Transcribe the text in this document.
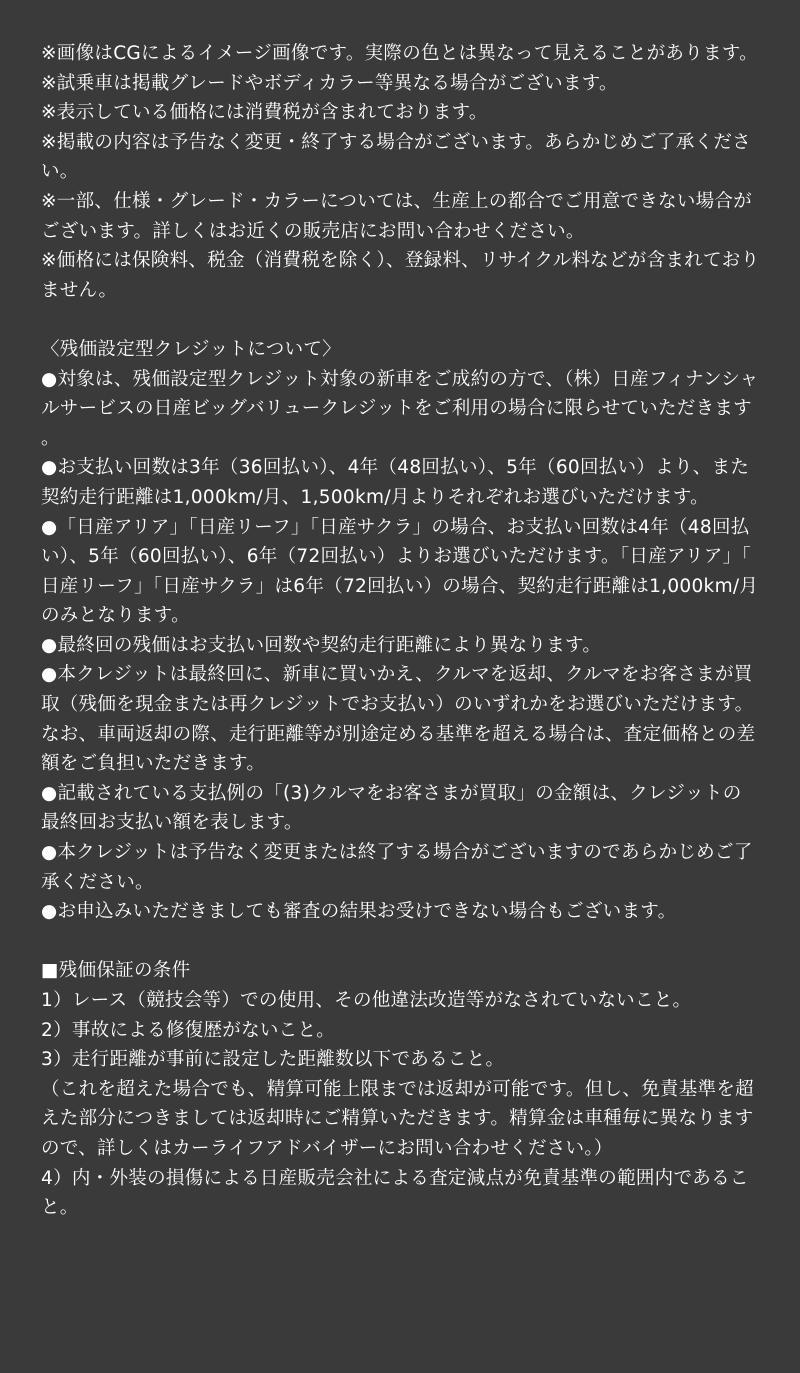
※画像はCGによるイメージ画像です。実際の色とは異なって見えることがあります。

※試乗車は掲載グレードやボディカラー等異なる場合がございます。

※表示している価格には消費税が含まれております。

※掲載の内容は予告なく変更・終了する場合がございます。あらかじめご了承ください。

※一部、仕様・グレード・カラーについては、生産上の都合でご用意できない場合がございます。詳しくはお近くの販売店にお問い合わせください。

※価格には保険料、税金（消費税を除く）、登録料、リサイクル料などが含まれておりません。

〈残価設定型クレジットについて〉

●対象は、残価設定型クレジット対象の新車をご成約の方で、（株）日産フィナンシャルサービスの日産ビッグバリュークレジットをご利用の場合に限らせていただきます。

●お支払い回数は3年（36回払い）、4年（48回払い）、5年（60回払い）より、また契約走行距離は1,000km/月、1,500km/月よりそれぞれお選びいただけます。

●「日産アリア」「日産リーフ」「日産サクラ」の場合、お支払い回数は4年（48回払い）、5年（60回払い）、6年（72回払い）よりお選びいただけます。「日産アリア」「日産リーフ」「日産サクラ」は6年（72回払い）の場合、契約走行距離は1,000km/月のみとなります。

●最終回の残価はお支払い回数や契約走行距離により異なります。

●本クレジットは最終回に、新車に買いかえ、クルマを返却、クルマをお客さまが買取（残価を現金または再クレジットでお支払い）のいずれかをお選びいただけます。なお、車両返却の際、走行距離等が別途定める基準を超える場合は、査定価格との差額をご負担いただきます。

●記載されている支払例の「(3)クルマをお客さまが買取」の金額は、クレジットの最終回お支払い額を表します。

●本クレジットは予告なく変更または終了する場合がございますのであらかじめご了承ください。

●お申込みいただきましても審査の結果お受けできない場合もございます。

■残価保証の条件

1）レース（競技会等）での使用、その他違法改造等がなされていないこと。

2）事故による修復歴がないこと。

3）走行距離が事前に設定した距離数以下であること。

（これを超えた場合でも、精算可能上限までは返却が可能です。但し、免責基準を超えた部分につきましては返却時にご精算いただきます。精算金は車種毎に異なりますので、詳しくはカーライフアドバイザーにお問い合わせください。）

4）内・外装の損傷による日産販売会社による査定減点が免責基準の範囲内であること。
